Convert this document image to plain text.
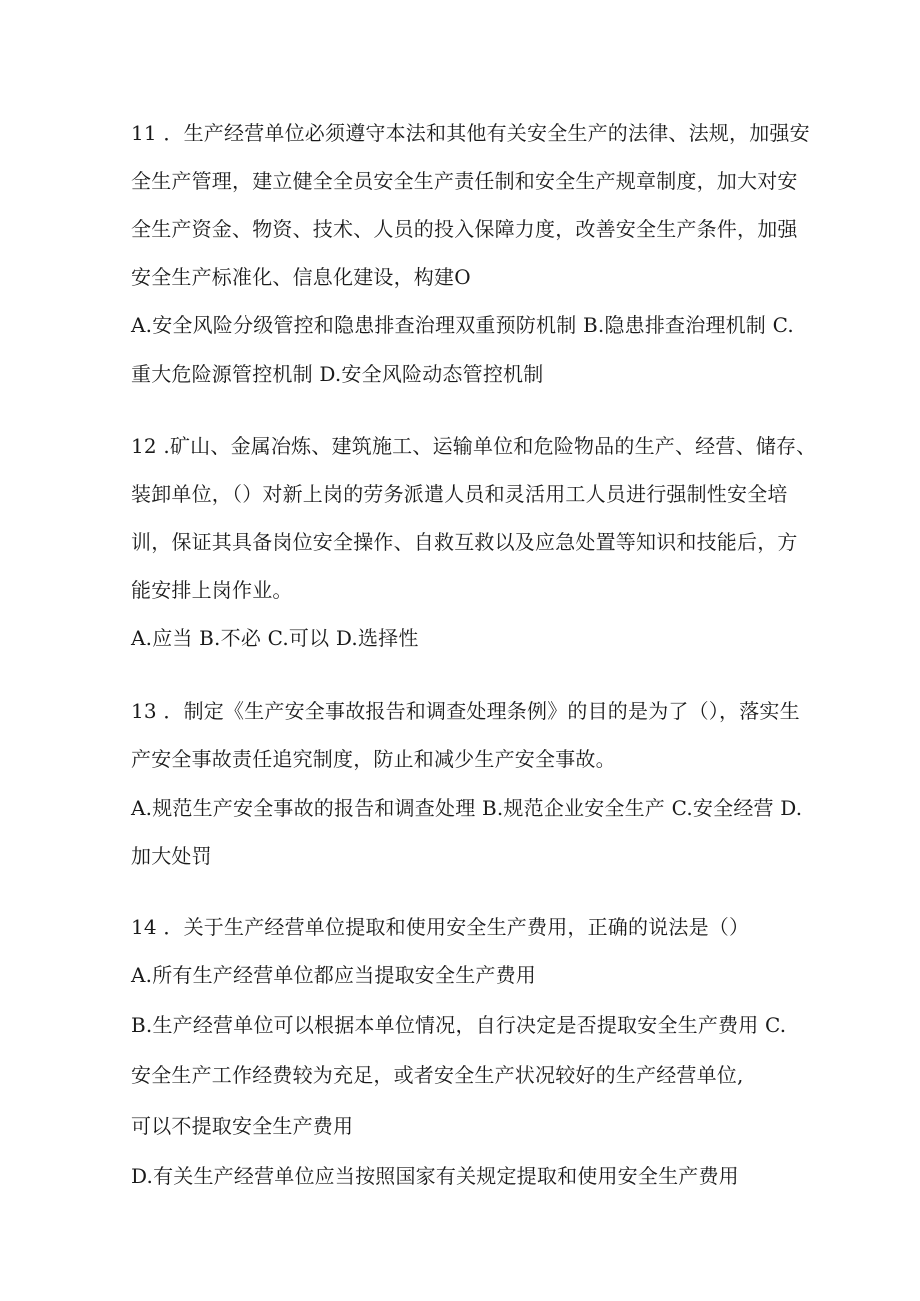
11 ．生产经营单位必须遵守本法和其他有关安全生产的法律、法规，加强安
全生产管理，建立健全全员安全生产责任制和安全生产规章制度，加大对安
全生产资金、物资、技术、人员的投入保障力度，改善安全生产条件，加强
安全生产标准化、信息化建设，构建O
A.安全风险分级管控和隐患排查治理双重预防机制 B.隐患排查治理机制 C.
重大危险源管控机制 D.安全风险动态管控机制
12 .矿山、金属冶炼、建筑施工、运输单位和危险物品的生产、经营、储存、
装卸单位，（）对新上岗的劳务派遣人员和灵活用工人员进行强制性安全培
训，保证其具备岗位安全操作、自救互救以及应急处置等知识和技能后，方
能安排上岗作业。
A.应当 B.不必 C.可以 D.选择性
13 ．制定《生产安全事故报告和调查处理条例》的目的是为了（），落实生
产安全事故责任追究制度，防止和减少生产安全事故。
A.规范生产安全事故的报告和调查处理 B.规范企业安全生产 C.安全经营 D.
加大处罚
14 ．关于生产经营单位提取和使用安全生产费用，正确的说法是（）
A.所有生产经营单位都应当提取安全生产费用
B.生产经营单位可以根据本单位情况，自行决定是否提取安全生产费用 C.
安全生产工作经费较为充足，或者安全生产状况较好的生产经营单位,
可以不提取安全生产费用
D.有关生产经营单位应当按照国家有关规定提取和使用安全生产费用
